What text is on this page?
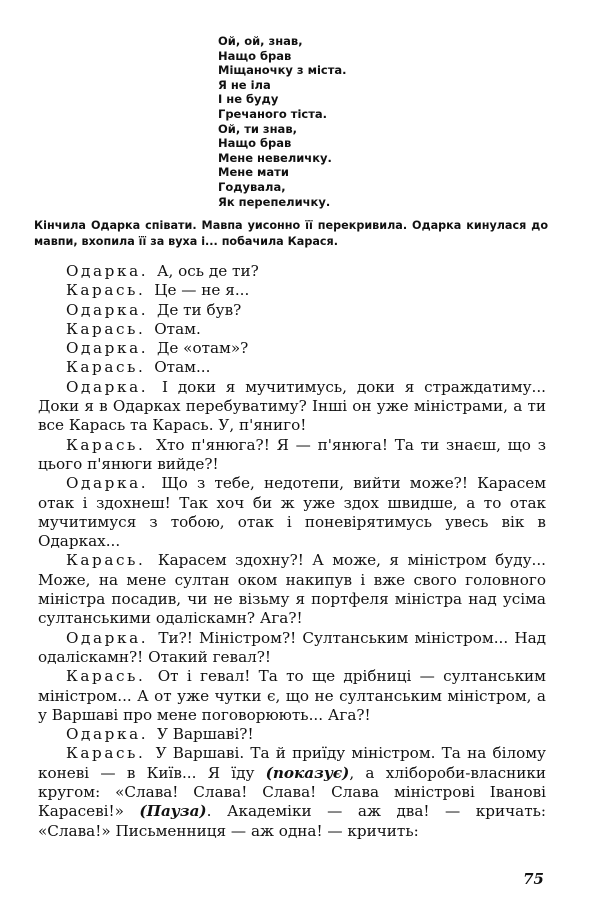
Ой, ой, знав,
Нащо брав
Міщаночку з міста.
Я не іла
І не буду
Гречаного тіста.
Ой, ти знав,
Нащо брав
Мене невеличку.
Мене мати
Годувала,
Як перепеличку.
Кінчила Одарка співати. Мавпа уисонно її перекривила. Одарка кинулася до мавпи, вхопила її за вуха і... побачила Карася.

Одарка. А, ось де ти?

Карась. Це — не я...

Одарка. Де ти був?

Карась. Отам.

Одарка. Де «отам»?

Карась. Отам...

Одарка. І доки я мучитимусь, доки я страждатиму... Доки я в Одарках перебуватиму? Інші он уже міністрами, а ти все Карась та Карась. У, п'яниго!

Карась. Хто п'янюга?! Я — п'янюга! Та ти знаєш, що з цього п'янюги вийде?!

Одарка. Що з тебе, недотепи, вийти може?! Карасем отак і здохнеш! Так хоч би ж уже здох швидше, а то отак мучитимуся з тобою, отак і поневірятимусь увесь вік в Одарках...

Карась. Карасем здохну?! А може, я міністром буду... Може, на мене султан оком накипув і вже свого головного міністра посадив, чи не візьму я портфеля міністра над усіма султанськими одаліскамн? Ага?!

Одарка. Ти?! Міністром?! Султанським міністром... Над одаліскамн?! Отакий гевал?!

Карась. От і гевал! Та то ще дрібниці — султанським міністром... А от уже чутки є, що не султанським міністром, а у Варшаві про мене поговорюють... Ага?!

Одарка. У Варшаві?!

Карась. У Варшаві. Та й приїду міністром. Та на білому коневі — в Київ... Я їду (показує), а хлібороби-власники кругом: «Слава! Слава! Слава! Слава міністрові Іванові Карасеві!» (Пауза). Академіки — аж два! — кричать: «Слава!» Письменниця — аж одна! — кричить:

75
